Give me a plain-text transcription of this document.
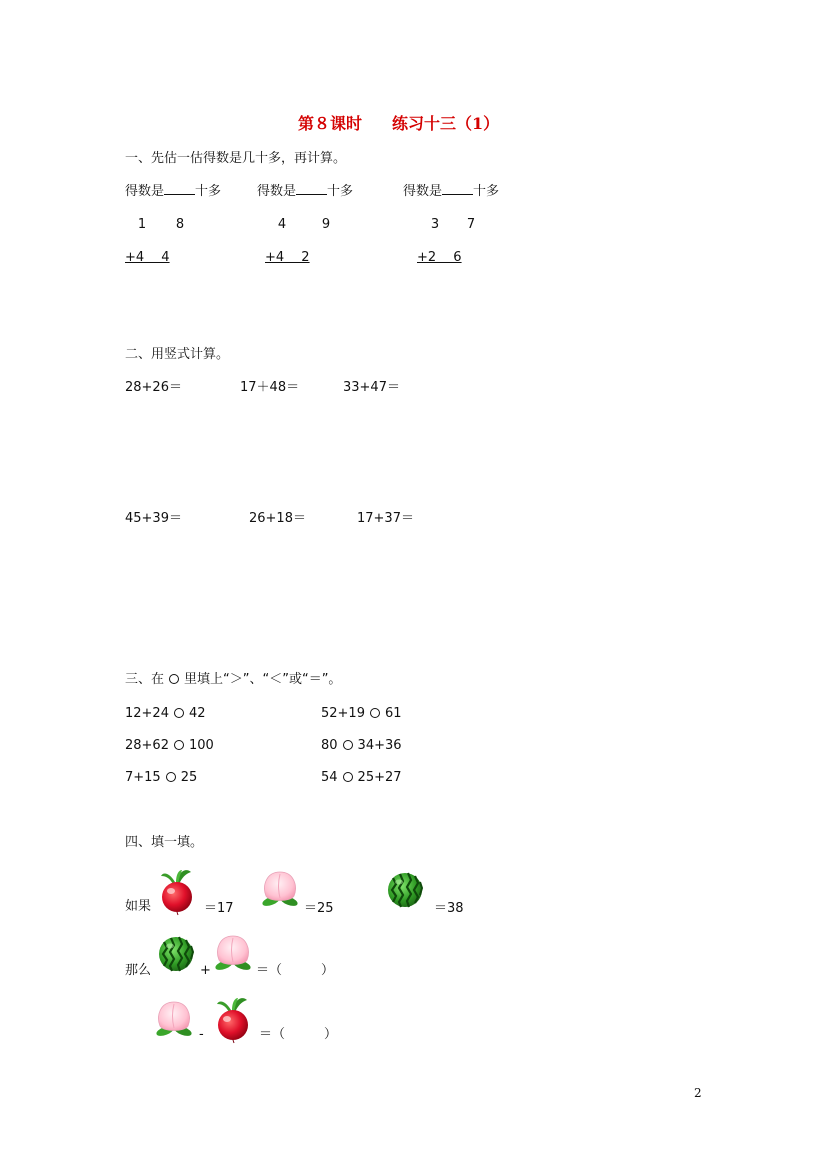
第８课时 练习十三（1）
一、先估一估得数是几十多，再计算。
得数是 十多	得数是 十多	得数是 十多
1 8
+4　 4
4	9
+4　 2
3 7
+2　 6
二、用竖式计算。
28+26＝	17＋48＝	33+47＝
45+39＝	26+18＝	17+37＝
三、在 里填上“＞”、“＜”或“＝”。
12+24 42	52+19 61
28+62 100	80 34+36
7+15 25	54 25+27
四、填一填。
如果	＝17	＝25	＝38
那么	+	＝（　　　）
-	＝（　　　）
2
